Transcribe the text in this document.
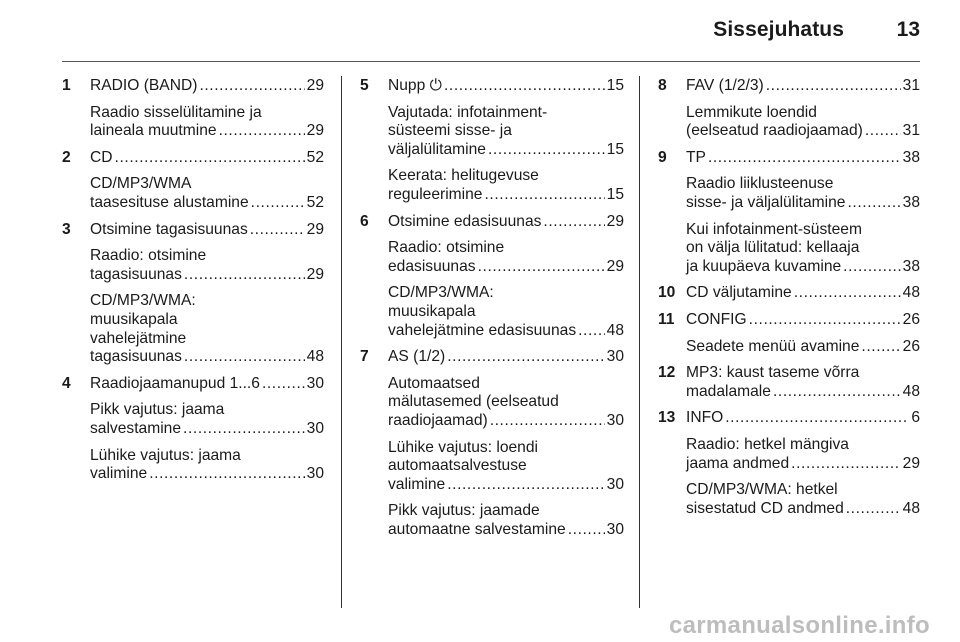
Sissejuhatus	13
1 RADIO (BAND) .....	29
Raadio sisselülitamine ja
laineala muutmine .....	29
2 CD .....	52
CD/MP3/WMA
taasesituse alustamine .....	52
3 Otsimine tagasisuunas .....	29
Raadio: otsimine
tagasisuunas .....	29
CD/MP3/WMA:
muusikapala
vahelejätmine
tagasisuunas .....	48
4 Raadiojaamanupud 1...6 .....	30
Pikk vajutus: jaama
salvestamine .....	30
Lühike vajutus: jaama
valimine .....	30
5 Nupp ⏻ .....	15
Vajutada: infotainment-
süsteemi sisse- ja
väljalülitamine .....	15
Keerata: helitugevuse
reguleerimine .....	15
6 Otsimine edasisuunas .....	29
Raadio: otsimine
edasisuunas .....	29
CD/MP3/WMA:
muusikapala
vahelejätmine edasisuunas ..... 48
7 AS (1/2) .....	30
Automaatsed
mälutasemed (eelseatud
raadiojaamad) .....	30
Lühike vajutus: loendi
automaatsalvestuse
valimine .....	30
Pikk vajutus: jaamade
automaatne salvestamine .....	30
8 FAV (1/2/3) .....	31
Lemmikute loendid
(eelseatud raadiojaamad) .....	31
9 TP .....	38
Raadio liiklusteenuse
sisse- ja väljalülitamine .....	38
Kui infotainment-süsteem
on välja lülitatud: kellaaja
ja kuupäeva kuvamine .....	38
10 CD väljutamine .....	48
11 CONFIG .....	26
Seadete menüü avamine .....	26
12 MP3: kaust taseme võrra
madalamale .....	48
13 INFO .....	6
Raadio: hetkel mängiva
jaama andmed .....	29
CD/MP3/WMA: hetkel
sisestatud CD andmed .....	48
carmanualsonline.info
